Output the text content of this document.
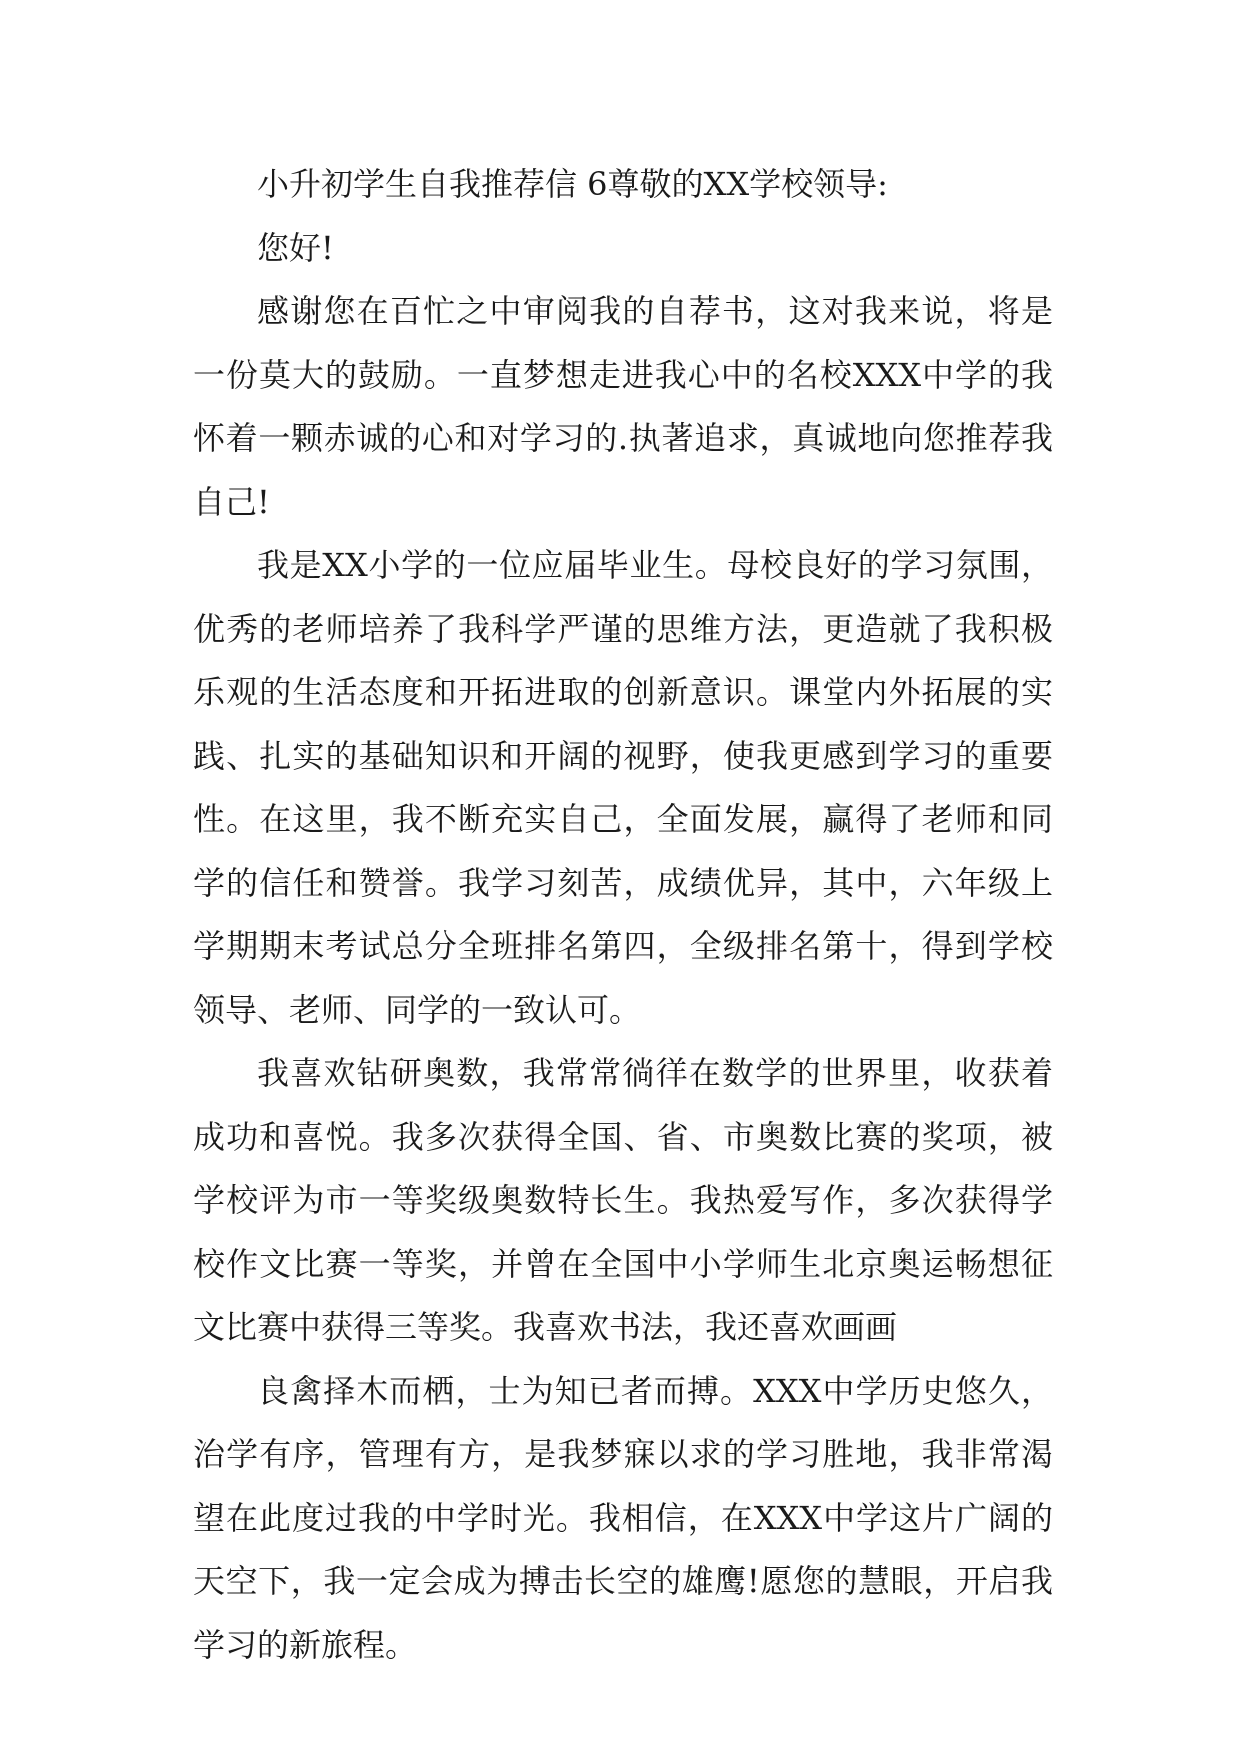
小升初学生自我推荐信 6尊敬的XX学校领导:

您好!

感谢您在百忙之中审阅我的自荐书，这对我来说，将是一份莫大的鼓励。一直梦想走进我心中的名校XXX中学的我怀着一颗赤诚的心和对学习的.执著追求，真诚地向您推荐我自己!

我是XX小学的一位应届毕业生。母校良好的学习氛围，优秀的老师培养了我科学严谨的思维方法，更造就了我积极乐观的生活态度和开拓进取的创新意识。课堂内外拓展的实践、扎实的基础知识和开阔的视野，使我更感到学习的重要性。在这里，我不断充实自己，全面发展，赢得了老师和同学的信任和赞誉。我学习刻苦，成绩优异，其中，六年级上学期期末考试总分全班排名第四，全级排名第十，得到学校领导、老师、同学的一致认可。

我喜欢钻研奥数，我常常徜徉在数学的世界里，收获着成功和喜悦。我多次获得全国、省、市奥数比赛的奖项，被学校评为市一等奖级奥数特长生。我热爱写作，多次获得学校作文比赛一等奖，并曾在全国中小学师生北京奥运畅想征文比赛中获得三等奖。我喜欢书法，我还喜欢画画

良禽择木而栖，士为知已者而搏。XXX中学历史悠久，治学有序，管理有方，是我梦寐以求的学习胜地，我非常渴望在此度过我的中学时光。我相信，在XXX中学这片广阔的天空下，我一定会成为搏击长空的雄鹰!愿您的慧眼，开启我学习的新旅程。
